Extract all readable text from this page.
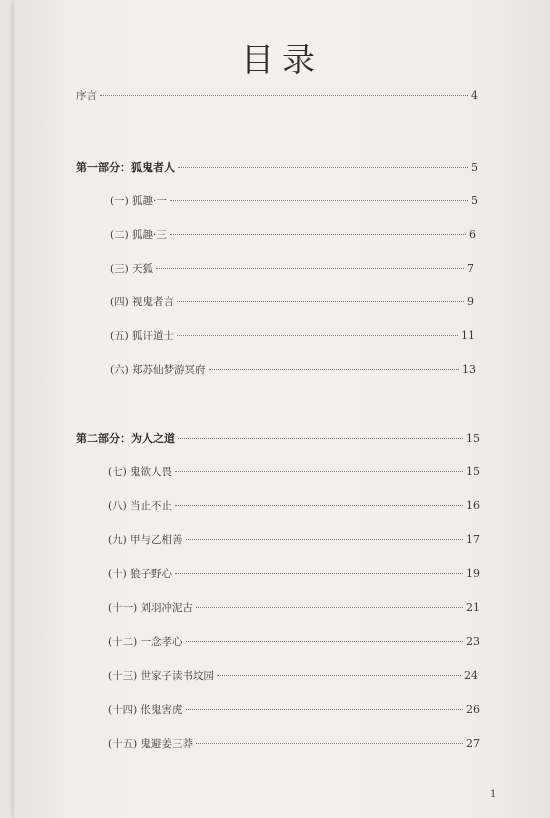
目录
序言	4
第一部分：狐鬼者人	5
(一) 狐趣·一	5
(二) 狐趣·三	6
(三) 天狐	7
(四) 视鬼者言	9
(五) 狐讦道士	11
(六) 郑苏仙梦游冥府	13
第二部分：为人之道	15
(七) 鬼欲人畏	15
(八) 当止不止	16
(九) 甲与乙相善	17
(十) 狼子野心	19
(十一) 刘羽冲泥古	21
(十二) 一念孝心	23
(十三) 世家子读书坟园	24
(十四) 伥鬼害虎	26
(十五) 鬼避姜三莽	27
1
